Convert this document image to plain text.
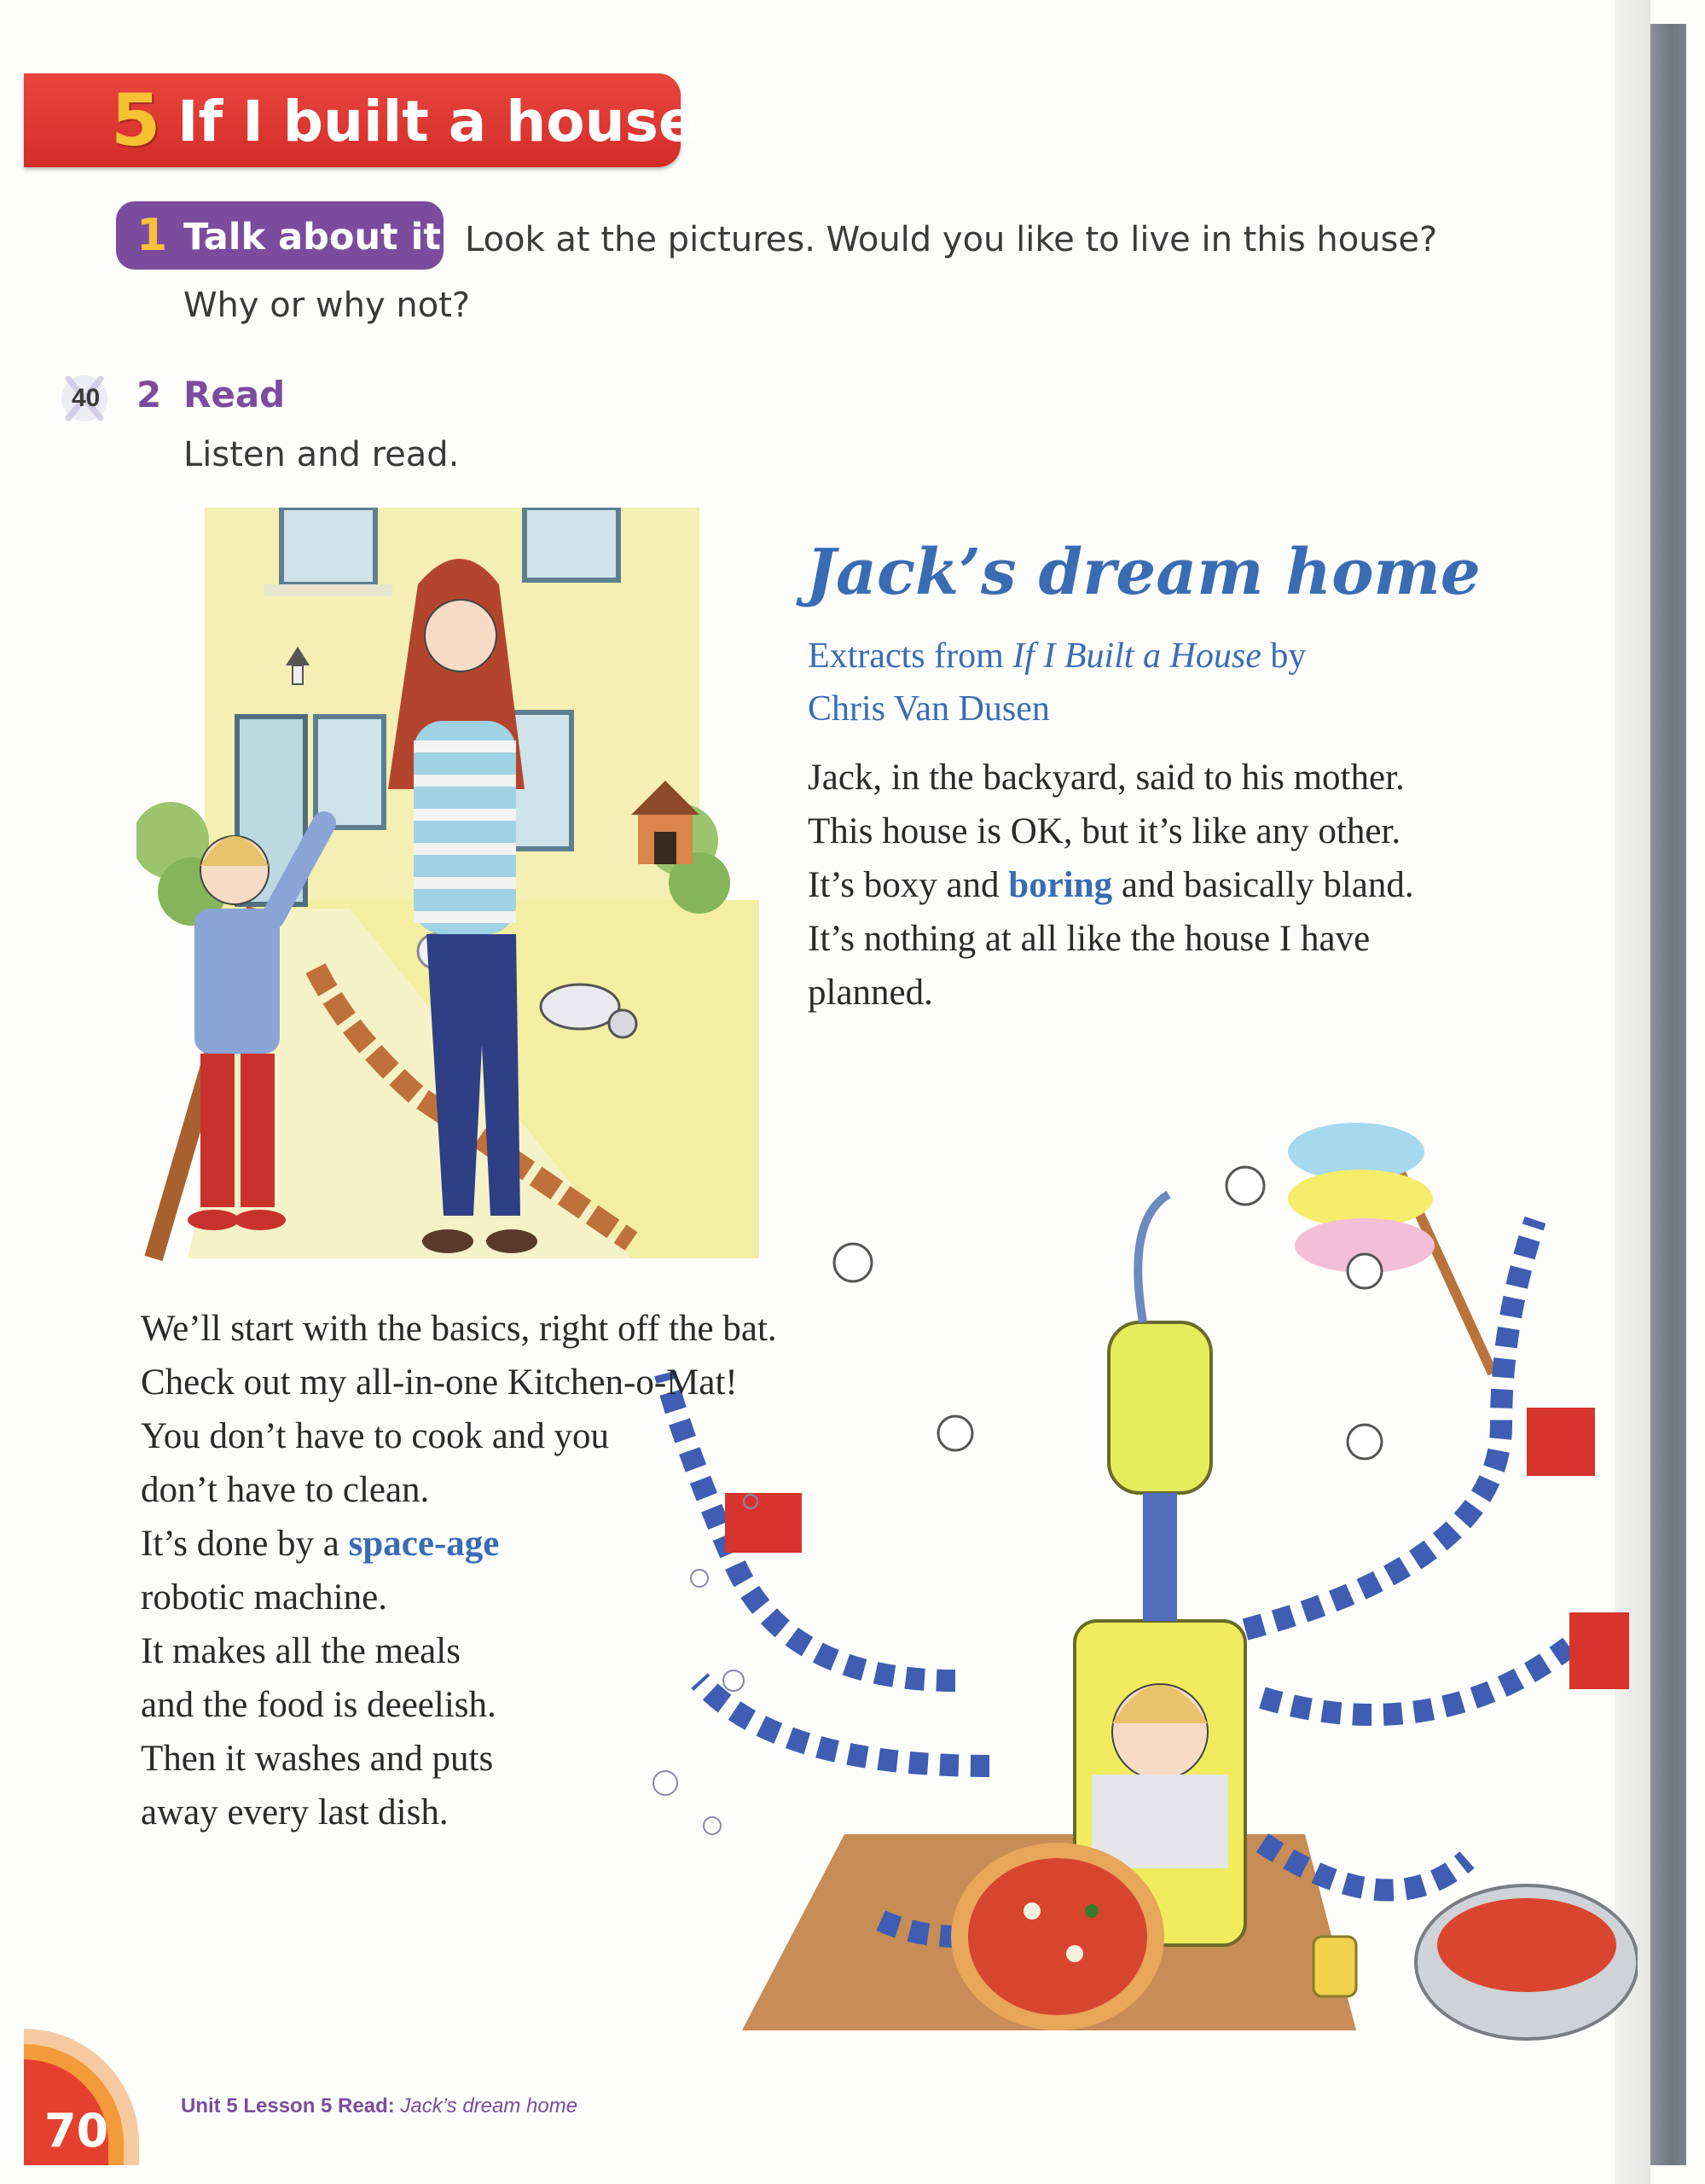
5 If I built a house
1 Talk about it Look at the pictures. Would you like to live in this house?
Why or why not?
40 2 Read
Listen and read.
Jack’s dream home
Extracts from If I Built a House by
Chris Van Dusen
Jack, in the backyard, said to his mother.
This house is OK, but it’s like any other.
It’s boxy and boring and basically bland.
It’s nothing at all like the house I have
planned.
We’ll start with the basics, right off the bat.
Check out my all-in-one Kitchen-o-Mat!
You don’t have to cook and you
don’t have to clean.
It’s done by a space-age
robotic machine.
It makes all the meals
and the food is deeelish.
Then it washes and puts
away every last dish.
70	Unit 5 Lesson 5 Read: Jack’s dream home
